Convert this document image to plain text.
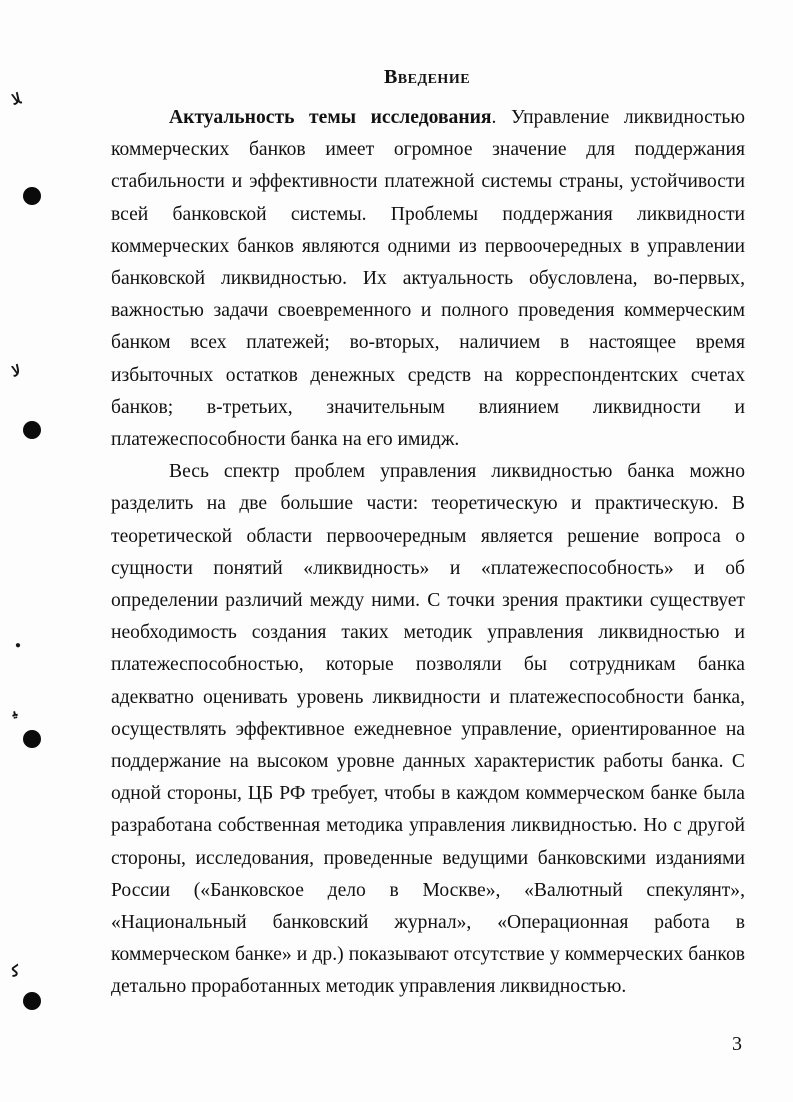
ﻼ
ﻻ
●
ﻴ
ﻛ
Введение

Актуальность темы исследования. Управление ликвидностью коммерческих банков имеет огромное значение для поддержания стабильности и эффективности платежной системы страны, устойчивости всей банковской системы. Проблемы поддержания ликвидности коммерческих банков являются одними из первоочередных в управлении банковской ликвидностью. Их актуальность обусловлена, во-первых, важностью задачи своевременного и полного проведения коммерческим банком всех платежей; во-вторых, наличием в настоящее время избыточных остатков денежных средств на корреспондентских счетах банков; в-третьих, значительным влиянием ликвидности и платежеспособности банка на его имидж.

Весь спектр проблем управления ликвидностью банка можно разделить на две большие части: теоретическую и практическую. В теоретической области первоочередным является решение вопроса о сущности понятий «ликвидность» и «платежеспособность» и об определении различий между ними. С точки зрения практики существует необходимость создания таких методик управления ликвидностью и платежеспособностью, которые позволяли бы сотрудникам банка адекватно оценивать уровень ликвидности и платежеспособности банка, осуществлять эффективное ежедневное управление, ориентированное на поддержание на высоком уровне данных характеристик работы банка. С одной стороны, ЦБ РФ требует, чтобы в каждом коммерческом банке была разработана собственная методика управления ликвидностью. Но с другой стороны, исследования, проведенные ведущими банковскими изданиями России («Банковское дело в Москве», «Валютный спекулянт», «Национальный банковский журнал», «Операционная работа в коммерческом банке» и др.) показывают отсутствие у коммерческих банков детально проработанных методик управления ликвидностью.

3
